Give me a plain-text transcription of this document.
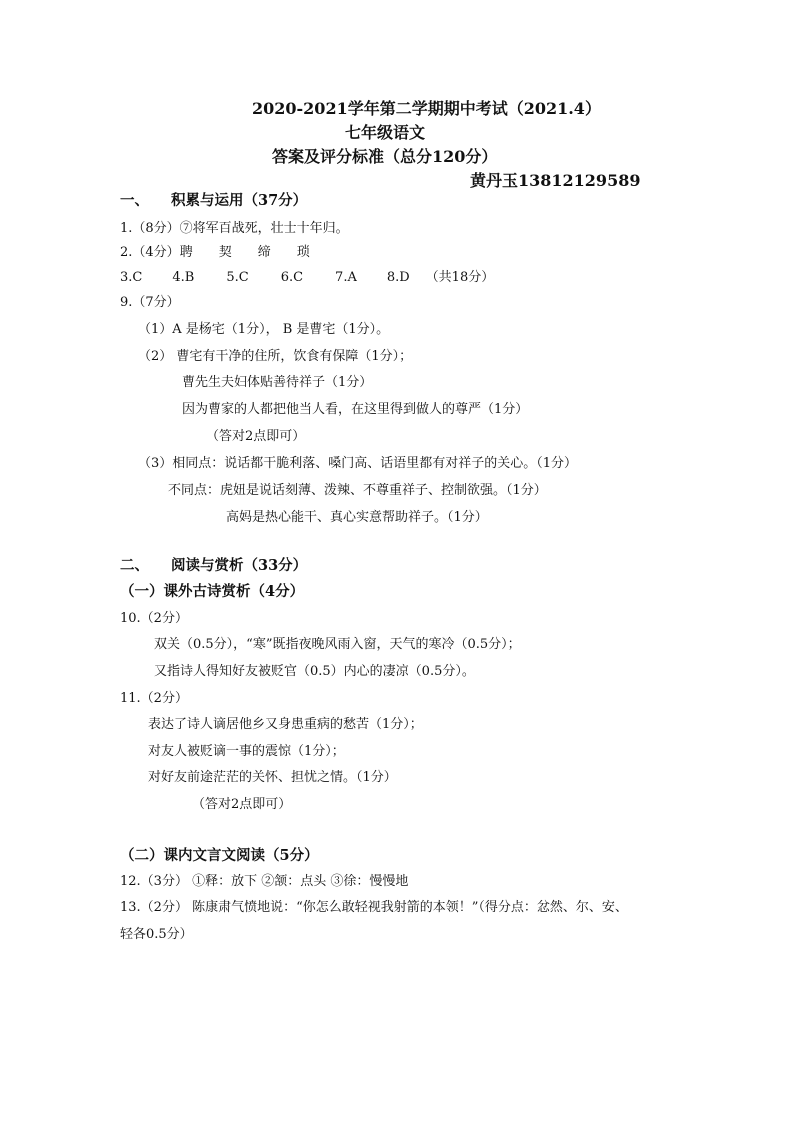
2020-2021学年第二学期期中考试（2021.4）
七年级语文
答案及评分标准（总分120分）
黄丹玉13812129589
一、 积累与运用（37分）
1.（8分）⑦将军百战死，壮士十年归。
2.（4分）聘 契 缔 琐
3.C 4.B 5.C 6.C 7.A 8.D （共18分）
9.（7分）
（1）A 是杨宅（1分）， B 是曹宅（1分）。
（2） 曹宅有干净的住所，饮食有保障（1分）；
曹先生夫妇体贴善待祥子（1分）
因为曹家的人都把他当人看，在这里得到做人的尊严（1分）
（答对2点即可）
（3）相同点：说话都干脆利落、嗓门高、话语里都有对祥子的关心。（1分）
不同点：虎妞是说话刻薄、泼辣、不尊重祥子、控制欲强。（1分）
高妈是热心能干、真心实意帮助祥子。（1分）
二、 阅读与赏析（33分）
（一）课外古诗赏析（4分）
10.（2分）
双关（0.5分），“寒”既指夜晚风雨入窗，天气的寒冷（0.5分）；
又指诗人得知好友被贬官（0.5）内心的凄凉（0.5分）。
11.（2分）
表达了诗人谪居他乡又身患重病的愁苦（1分）；
对友人被贬谪一事的震惊（1分）；
对好友前途茫茫的关怀、担忧之情。（1分）
（答对2点即可）
（二）课内文言文阅读（5分）
12.（3分） ①释：放下 ②颔：点头 ③徐：慢慢地
13.（2分） 陈康肃气愤地说：“你怎么敢轻视我射箭的本领！”（得分点：忿然、尔、安、
轻各0.5分）
